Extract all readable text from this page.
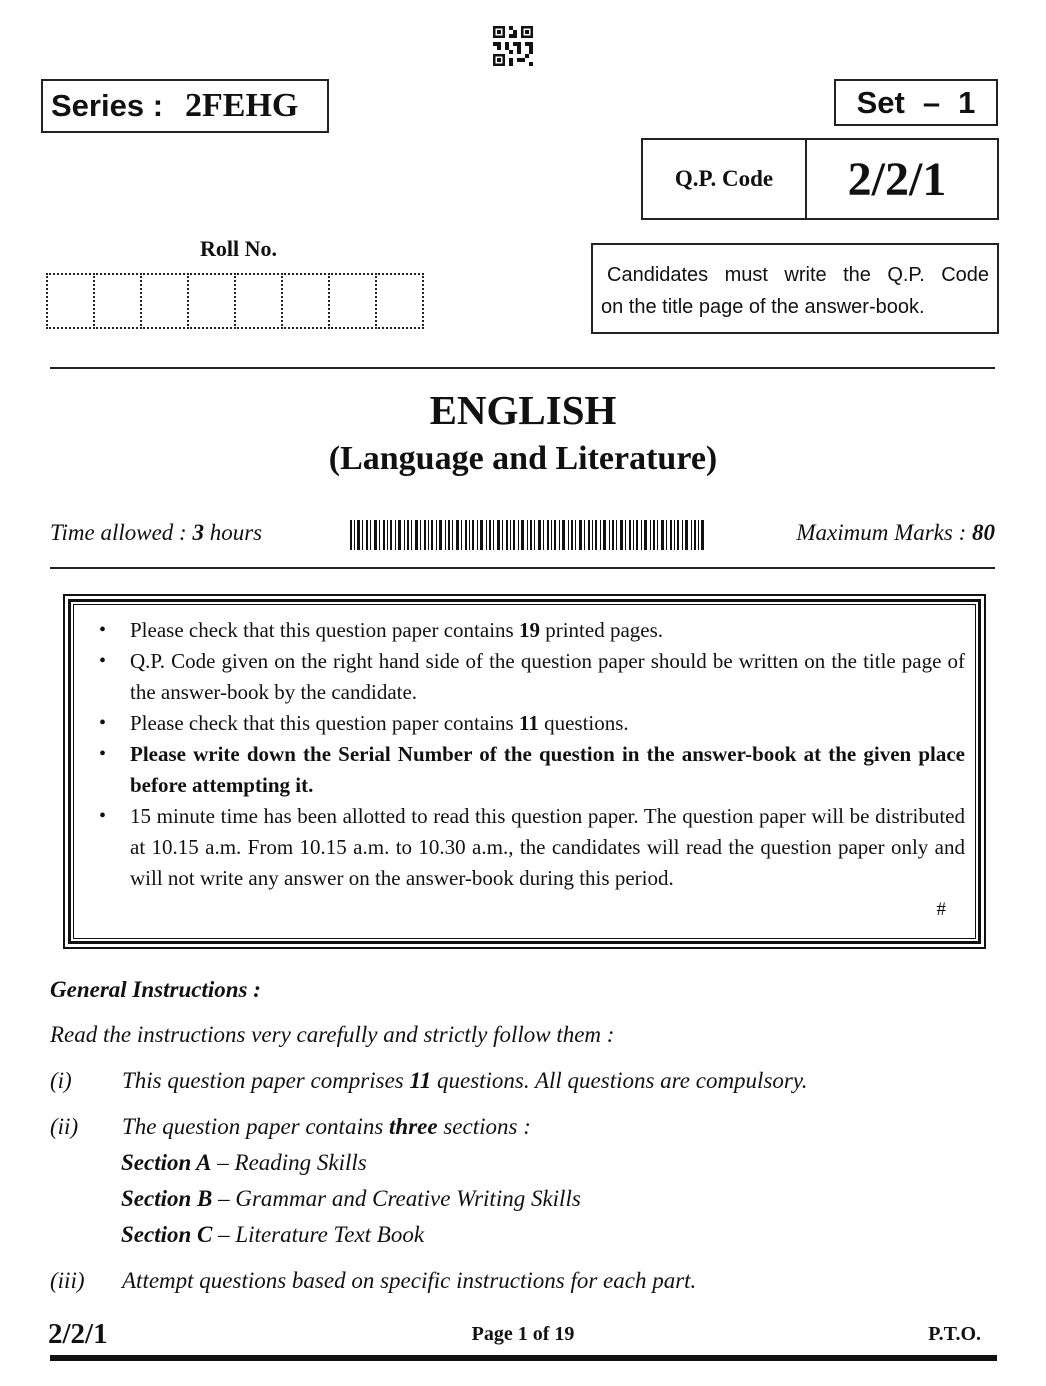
Series : 2FEHG	Set – 1
Q.P. Code	2/2/1
Roll No.
Candidates must write the Q.P. Code
on the title page of the answer-book.
ENGLISH
(Language and Literature)
Time allowed : 3 hours	Maximum Marks : 80
• Please check that this question paper contains 19 printed pages.
• Q.P. Code given on the right hand side of the question paper should be written on the title page of the answer-book by the candidate.
• Please check that this question paper contains 11 questions.
• Please write down the Serial Number of the question in the answer-book at the given place before attempting it.
• 15 minute time has been allotted to read this question paper. The question paper will be distributed at 10.15 a.m. From 10.15 a.m. to 10.30 a.m., the candidates will read the question paper only and will not write any answer on the answer-book during this period.
#
General Instructions :
Read the instructions very carefully and strictly follow them :
(i)	This question paper comprises 11 questions. All questions are compulsory.
(ii)	The question paper contains three sections :
Section A – Reading Skills
Section B – Grammar and Creative Writing Skills
Section C – Literature Text Book
(iii)	Attempt questions based on specific instructions for each part.
2/2/1	Page 1 of 19	P.T.O.
